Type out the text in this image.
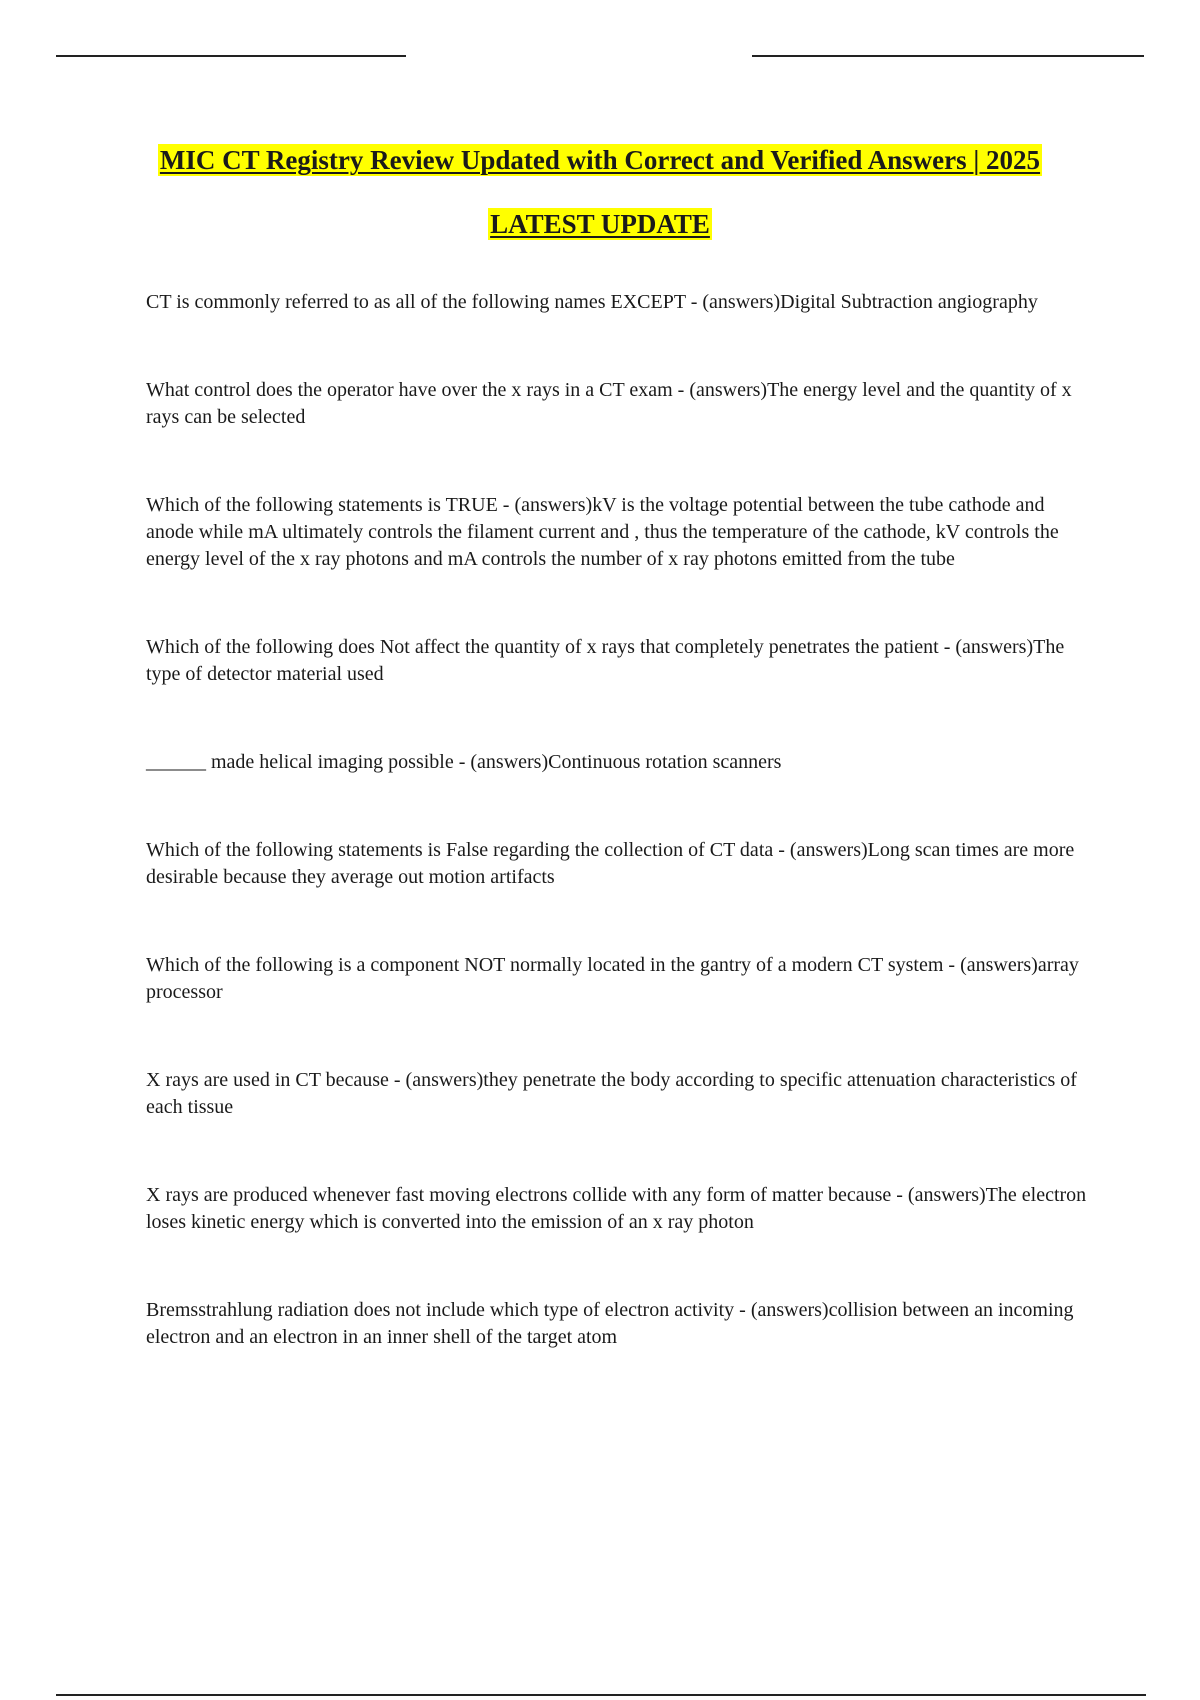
MIC CT Registry Review Updated with Correct and Verified Answers | 2025
LATEST UPDATE

CT is commonly referred to as all of the following names EXCEPT - (answers)Digital Subtraction angiography

What control does the operator have over the x rays in a CT exam - (answers)The energy level and the quantity of x rays can be selected

Which of the following statements is TRUE - (answers)kV is the voltage potential between the tube cathode and anode while mA ultimately controls the filament current and , thus the temperature of the cathode, kV controls the energy level of the x ray photons and mA controls the number of x ray photons emitted from the tube

Which of the following does Not affect the quantity of x rays that completely penetrates the patient - (answers)The type of detector material used

______ made helical imaging possible - (answers)Continuous rotation scanners

Which of the following statements is False regarding the collection of CT data - (answers)Long scan times are more desirable because they average out motion artifacts

Which of the following is a component NOT normally located in the gantry of a modern CT system - (answers)array processor

X rays are used in CT because - (answers)they penetrate the body according to specific attenuation characteristics of each tissue

X rays are produced whenever fast moving electrons collide with any form of matter because - (answers)The electron loses kinetic energy which is converted into the emission of an x ray photon

Bremsstrahlung radiation does not include which type of electron activity - (answers)collision between an incoming electron and an electron in an inner shell of the target atom
